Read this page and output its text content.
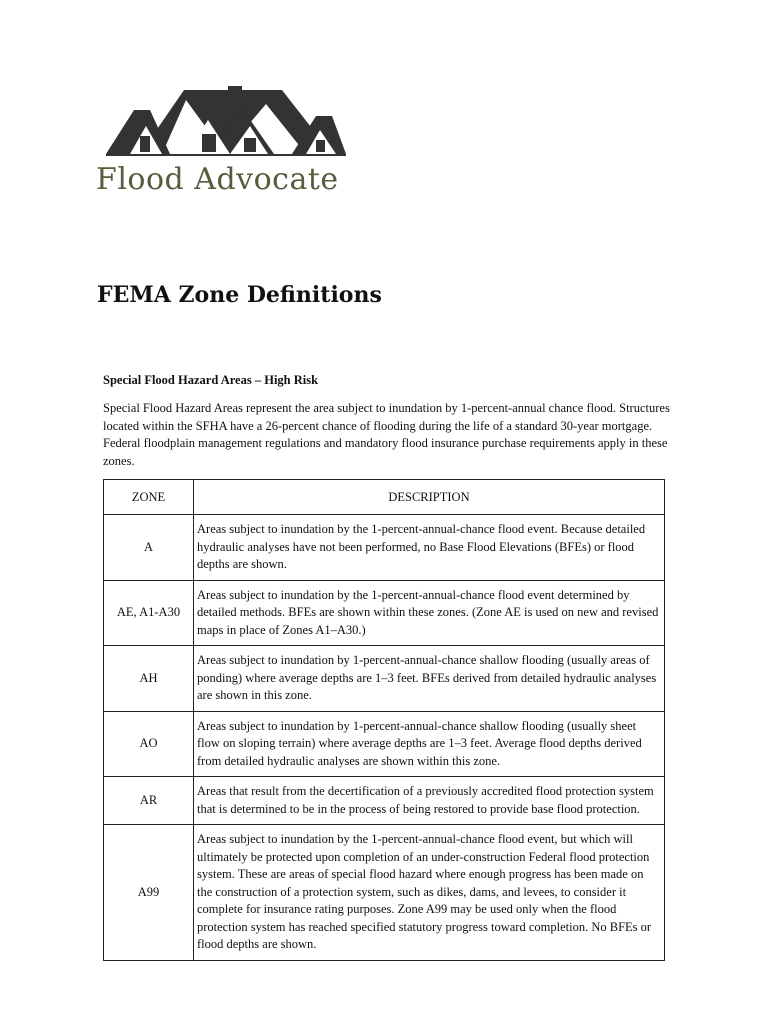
Flood Advocate
FEMA Zone Definitions
Special Flood Hazard Areas – High Risk

Special Flood Hazard Areas represent the area subject to inundation by 1-percent-annual chance flood. Structures located within the SFHA have a 26-percent chance of flooding during the life of a standard 30-year mortgage. Federal floodplain management regulations and mandatory flood insurance purchase requirements apply in these zones.

ZONE	DESCRIPTION
A	Areas subject to inundation by the 1-percent-annual-chance flood event. Because detailed hydraulic analyses have not been performed, no Base Flood Elevations (BFEs) or flood depths are shown.
AE, A1-A30	Areas subject to inundation by the 1-percent-annual-chance flood event determined by detailed methods. BFEs are shown within these zones. (Zone AE is used on new and revised maps in place of Zones A1–A30.)
AH	Areas subject to inundation by 1-percent-annual-chance shallow flooding (usually areas of ponding) where average depths are 1–3 feet. BFEs derived from detailed hydraulic analyses are shown in this zone.
AO	Areas subject to inundation by 1-percent-annual-chance shallow flooding (usually sheet flow on sloping terrain) where average depths are 1–3 feet. Average flood depths derived from detailed hydraulic analyses are shown within this zone.
AR	Areas that result from the decertification of a previously accredited flood protection system that is determined to be in the process of being restored to provide base flood protection.
A99	Areas subject to inundation by the 1-percent-annual-chance flood event, but which will ultimately be protected upon completion of an under-construction Federal flood protection system. These are areas of special flood hazard where enough progress has been made on the construction of a protection system, such as dikes, dams, and levees, to consider it complete for insurance rating purposes. Zone A99 may be used only when the flood protection system has reached specified statutory progress toward completion. No BFEs or flood depths are shown.
